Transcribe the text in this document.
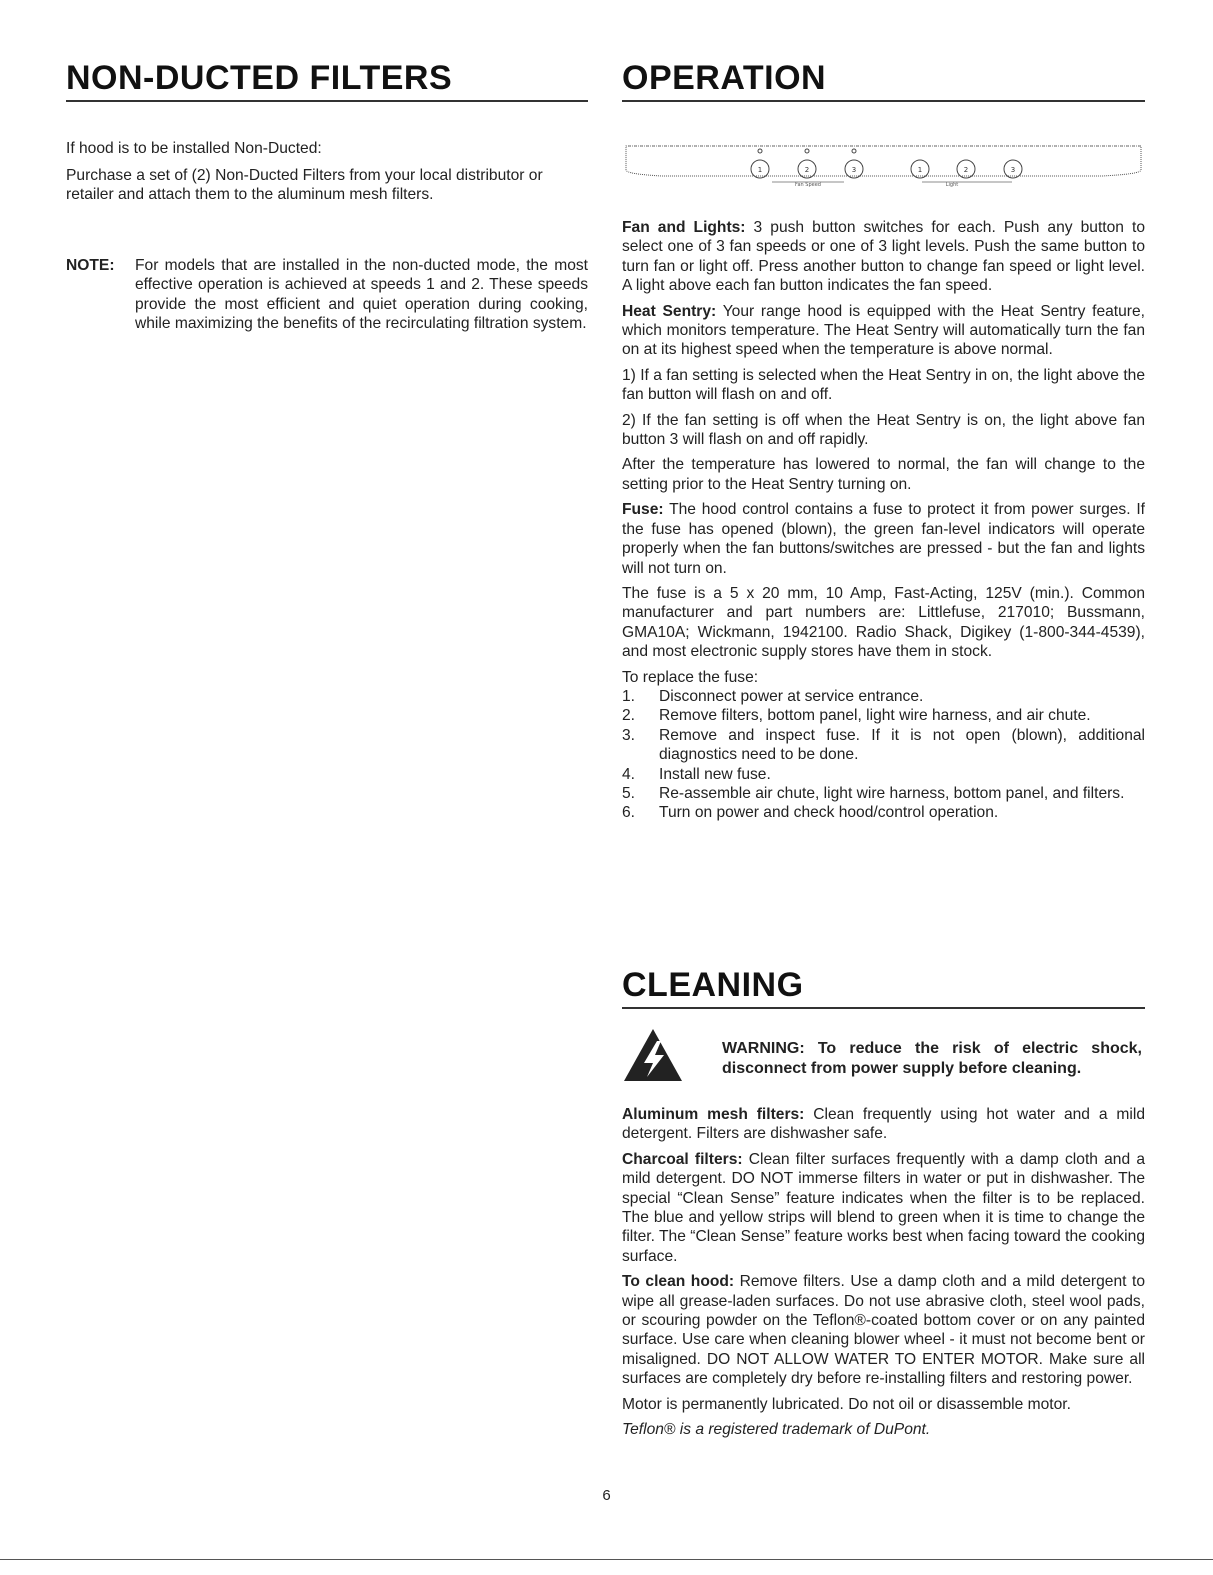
NON-DUCTED FILTERS

If hood is to be installed Non-Ducted:

Purchase a set of (2) Non-Ducted Filters from your local distributor or retailer and attach them to the aluminum mesh filters.

NOTE: For models that are installed in the non-ducted mode, the most effective operation is achieved at speeds 1 and 2. These speeds provide the most efficient and quiet operation during cooking, while maximizing the benefits of the recirculating filtration system.

OPERATION
1	2	3	1	2	3
Fan Speed	Light

Fan and Lights: 3 push button switches for each. Push any button to select one of 3 fan speeds or one of 3 light levels. Push the same button to turn fan or light off. Press another button to change fan speed or light level. A light above each fan button indicates the fan speed.

Heat Sentry: Your range hood is equipped with the Heat Sentry feature, which monitors temperature. The Heat Sentry will automatically turn the fan on at its highest speed when the temperature is above normal.

1) If a fan setting is selected when the Heat Sentry in on, the light above the fan button will flash on and off.

2) If the fan setting is off when the Heat Sentry is on, the light above fan button 3 will flash on and off rapidly.

After the temperature has lowered to normal, the fan will change to the setting prior to the Heat Sentry turning on.

Fuse: The hood control contains a fuse to protect it from power surges. If the fuse has opened (blown), the green fan-level indicators will operate properly when the fan buttons/switches are pressed - but the fan and lights will not turn on.

The fuse is a 5 x 20 mm, 10 Amp, Fast-Acting, 125V (min.). Common manufacturer and part numbers are: Littlefuse, 217010; Bussmann, GMA10A; Wickmann, 1942100. Radio Shack, Digikey (1-800-344-4539), and most electronic supply stores have them in stock.

To replace the fuse:

1. Disconnect power at service entrance.
2. Remove filters, bottom panel, light wire harness, and air chute.
3. Remove and inspect fuse. If it is not open (blown), additional diagnostics need to be done.
4. Install new fuse.
5. Re-assemble air chute, light wire harness, bottom panel, and filters.
6. Turn on power and check hood/control operation.
CLEANING

WARNING: To reduce the risk of electric shock, disconnect from power supply before cleaning.

Aluminum mesh filters: Clean frequently using hot water and a mild detergent. Filters are dishwasher safe.

Charcoal filters: Clean filter surfaces frequently with a damp cloth and a mild detergent. DO NOT immerse filters in water or put in dishwasher. The special “Clean Sense” feature indicates when the filter is to be replaced. The blue and yellow strips will blend to green when it is time to change the filter. The “Clean Sense” feature works best when facing toward the cooking surface.

To clean hood: Remove filters. Use a damp cloth and a mild detergent to wipe all grease-laden surfaces. Do not use abrasive cloth, steel wool pads, or scouring powder on the Teflon®-coated bottom cover or on any painted surface. Use care when cleaning blower wheel - it must not become bent or misaligned. DO NOT ALLOW WATER TO ENTER MOTOR. Make sure all surfaces are completely dry before re-installing filters and restoring power.

Motor is permanently lubricated. Do not oil or disassemble motor.

Teflon® is a registered trademark of DuPont.

6
